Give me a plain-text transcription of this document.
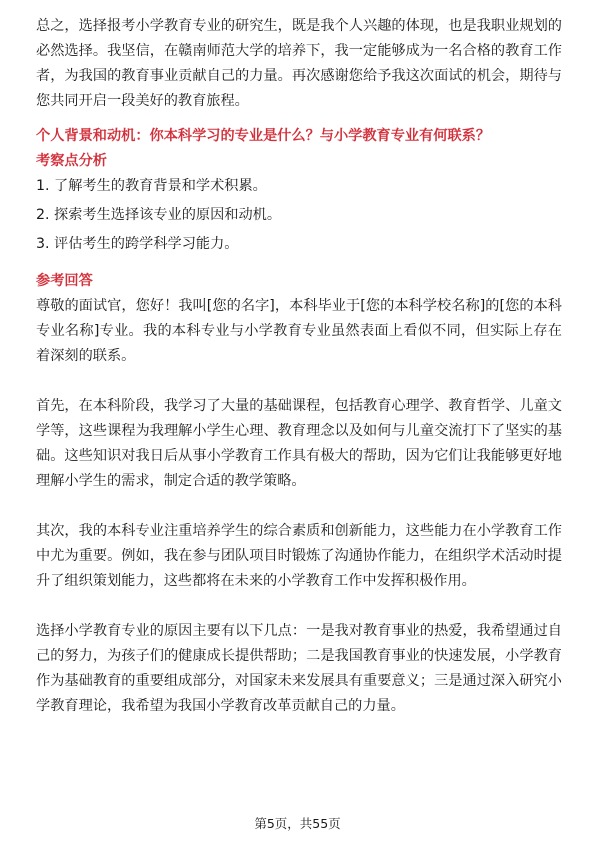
总之，选择报考小学教育专业的研究生，既是我个人兴趣的体现，也是我职业规划的必然选择。我坚信，在赣南师范大学的培养下，我一定能够成为一名合格的教育工作者，为我国的教育事业贡献自己的力量。再次感谢您给予我这次面试的机会，期待与您共同开启一段美好的教育旅程。

个人背景和动机：你本科学习的专业是什么？与小学教育专业有何联系？

考察点分析

1. 了解考生的教育背景和学术积累。

2. 探索考生选择该专业的原因和动机。

3. 评估考生的跨学科学习能力。

参考回答

尊敬的面试官，您好！我叫[您的名字]，本科毕业于[您的本科学校名称]的[您的本科专业名称]专业。我的本科专业与小学教育专业虽然表面上看似不同，但实际上存在着深刻的联系。

首先，在本科阶段，我学习了大量的基础课程，包括教育心理学、教育哲学、儿童文学等，这些课程为我理解小学生心理、教育理念以及如何与儿童交流打下了坚实的基础。这些知识对我日后从事小学教育工作具有极大的帮助，因为它们让我能够更好地理解小学生的需求，制定合适的教学策略。

其次，我的本科专业注重培养学生的综合素质和创新能力，这些能力在小学教育工作中尤为重要。例如，我在参与团队项目时锻炼了沟通协作能力，在组织学术活动时提升了组织策划能力，这些都将在未来的小学教育工作中发挥积极作用。

选择小学教育专业的原因主要有以下几点：一是我对教育事业的热爱，我希望通过自己的努力，为孩子们的健康成长提供帮助；二是我国教育事业的快速发展，小学教育作为基础教育的重要组成部分，对国家未来发展具有重要意义；三是通过深入研究小学教育理论，我希望为我国小学教育改革贡献自己的力量。

第5页，共55页
